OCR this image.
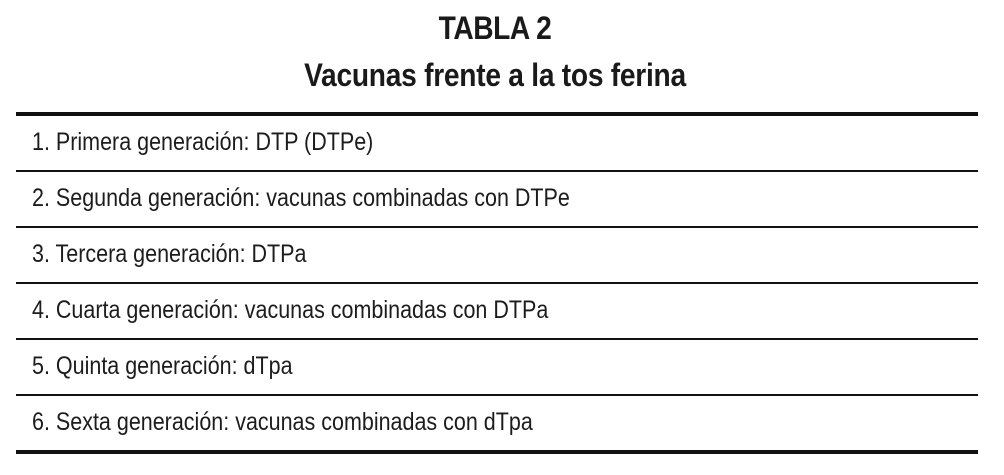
TABLA 2
Vacunas frente a la tos ferina
1. Primera generación: DTP (DTPe)
2. Segunda generación: vacunas combinadas con DTPe
3. Tercera generación: DTPa
4. Cuarta generación: vacunas combinadas con DTPa
5. Quinta generación: dTpa
6. Sexta generación: vacunas combinadas con dTpa
